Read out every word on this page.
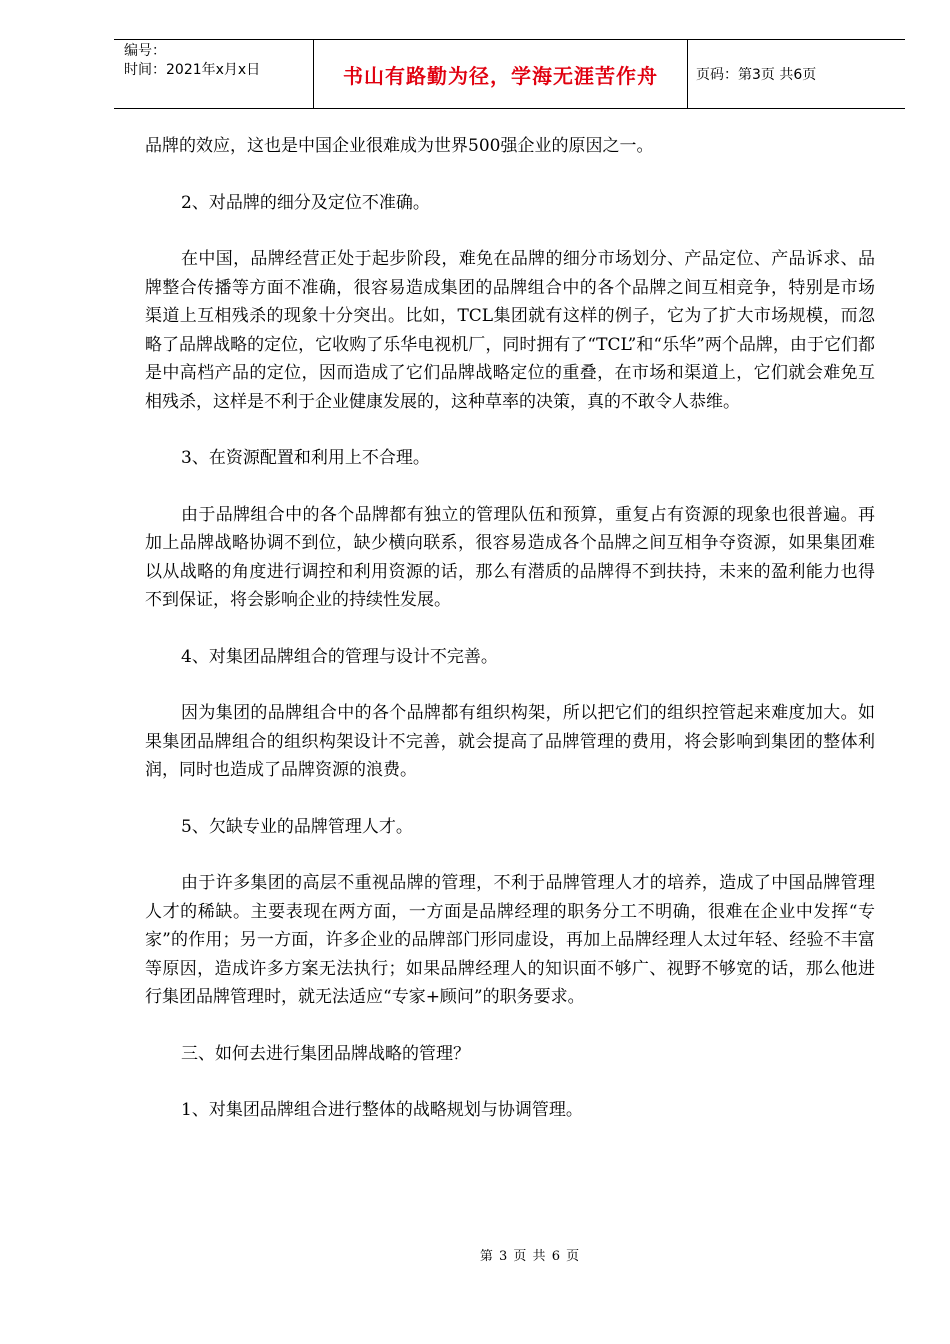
编号：
时间：2021年x月x日	书山有路勤为径，学海无涯苦作舟	页码：第3页 共6页

品牌的效应，这也是中国企业很难成为世界500强企业的原因之一。

2、对品牌的细分及定位不准确。

在中国，品牌经营正处于起步阶段，难免在品牌的细分市场划分、产品定位、产品诉求、品牌整合传播等方面不准确，很容易造成集团的品牌组合中的各个品牌之间互相竞争，特别是市场渠道上互相残杀的现象十分突出。比如，TCL集团就有这样的例子，它为了扩大市场规模，而忽略了品牌战略的定位，它收购了乐华电视机厂，同时拥有了“TCL”和“乐华”两个品牌，由于它们都是中高档产品的定位，因而造成了它们品牌战略定位的重叠，在市场和渠道上，它们就会难免互相残杀，这样是不利于企业健康发展的，这种草率的决策，真的不敢令人恭维。

3、在资源配置和利用上不合理。

由于品牌组合中的各个品牌都有独立的管理队伍和预算，重复占有资源的现象也很普遍。再加上品牌战略协调不到位，缺少横向联系，很容易造成各个品牌之间互相争夺资源，如果集团难以从战略的角度进行调控和利用资源的话，那么有潜质的品牌得不到扶持，未来的盈利能力也得不到保证，将会影响企业的持续性发展。

4、对集团品牌组合的管理与设计不完善。

因为集团的品牌组合中的各个品牌都有组织构架，所以把它们的组织控管起来难度加大。如果集团品牌组合的组织构架设计不完善，就会提高了品牌管理的费用，将会影响到集团的整体利润，同时也造成了品牌资源的浪费。

5、欠缺专业的品牌管理人才。

由于许多集团的高层不重视品牌的管理，不利于品牌管理人才的培养，造成了中国品牌管理人才的稀缺。主要表现在两方面，一方面是品牌经理的职务分工不明确，很难在企业中发挥“专家”的作用；另一方面，许多企业的品牌部门形同虚设，再加上品牌经理人太过年轻、经验不丰富等原因，造成许多方案无法执行；如果品牌经理人的知识面不够广、视野不够宽的话，那么他进行集团品牌管理时，就无法适应“专家+顾问”的职务要求。

三、如何去进行集团品牌战略的管理？

1、对集团品牌组合进行整体的战略规划与协调管理。

第 3 页 共 6 页
